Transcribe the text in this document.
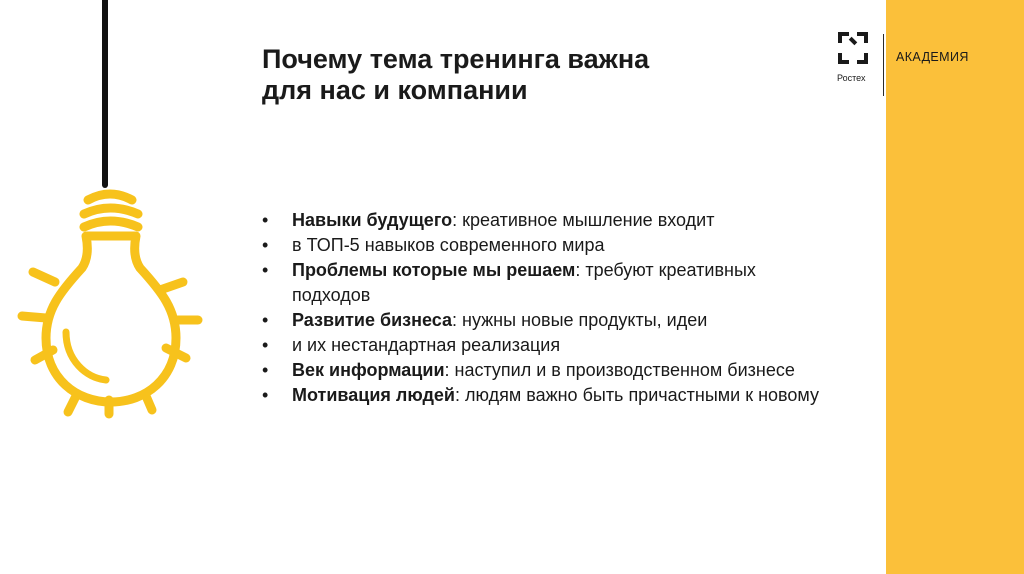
Почему тема тренинга важна
для нас и компании	Ростех
АКАДЕМИЯ
• Навыки будущего: креативное мышление входит
• в ТОП-5 навыков современного мира
• Проблемы которые мы решаем: требуют креативных подходов
• Развитие бизнеса: нужны новые продукты, идеи
• и их нестандартная реализация
• Век информации: наступил и в производственном бизнесе
• Мотивация людей: людям важно быть причастными к новому
